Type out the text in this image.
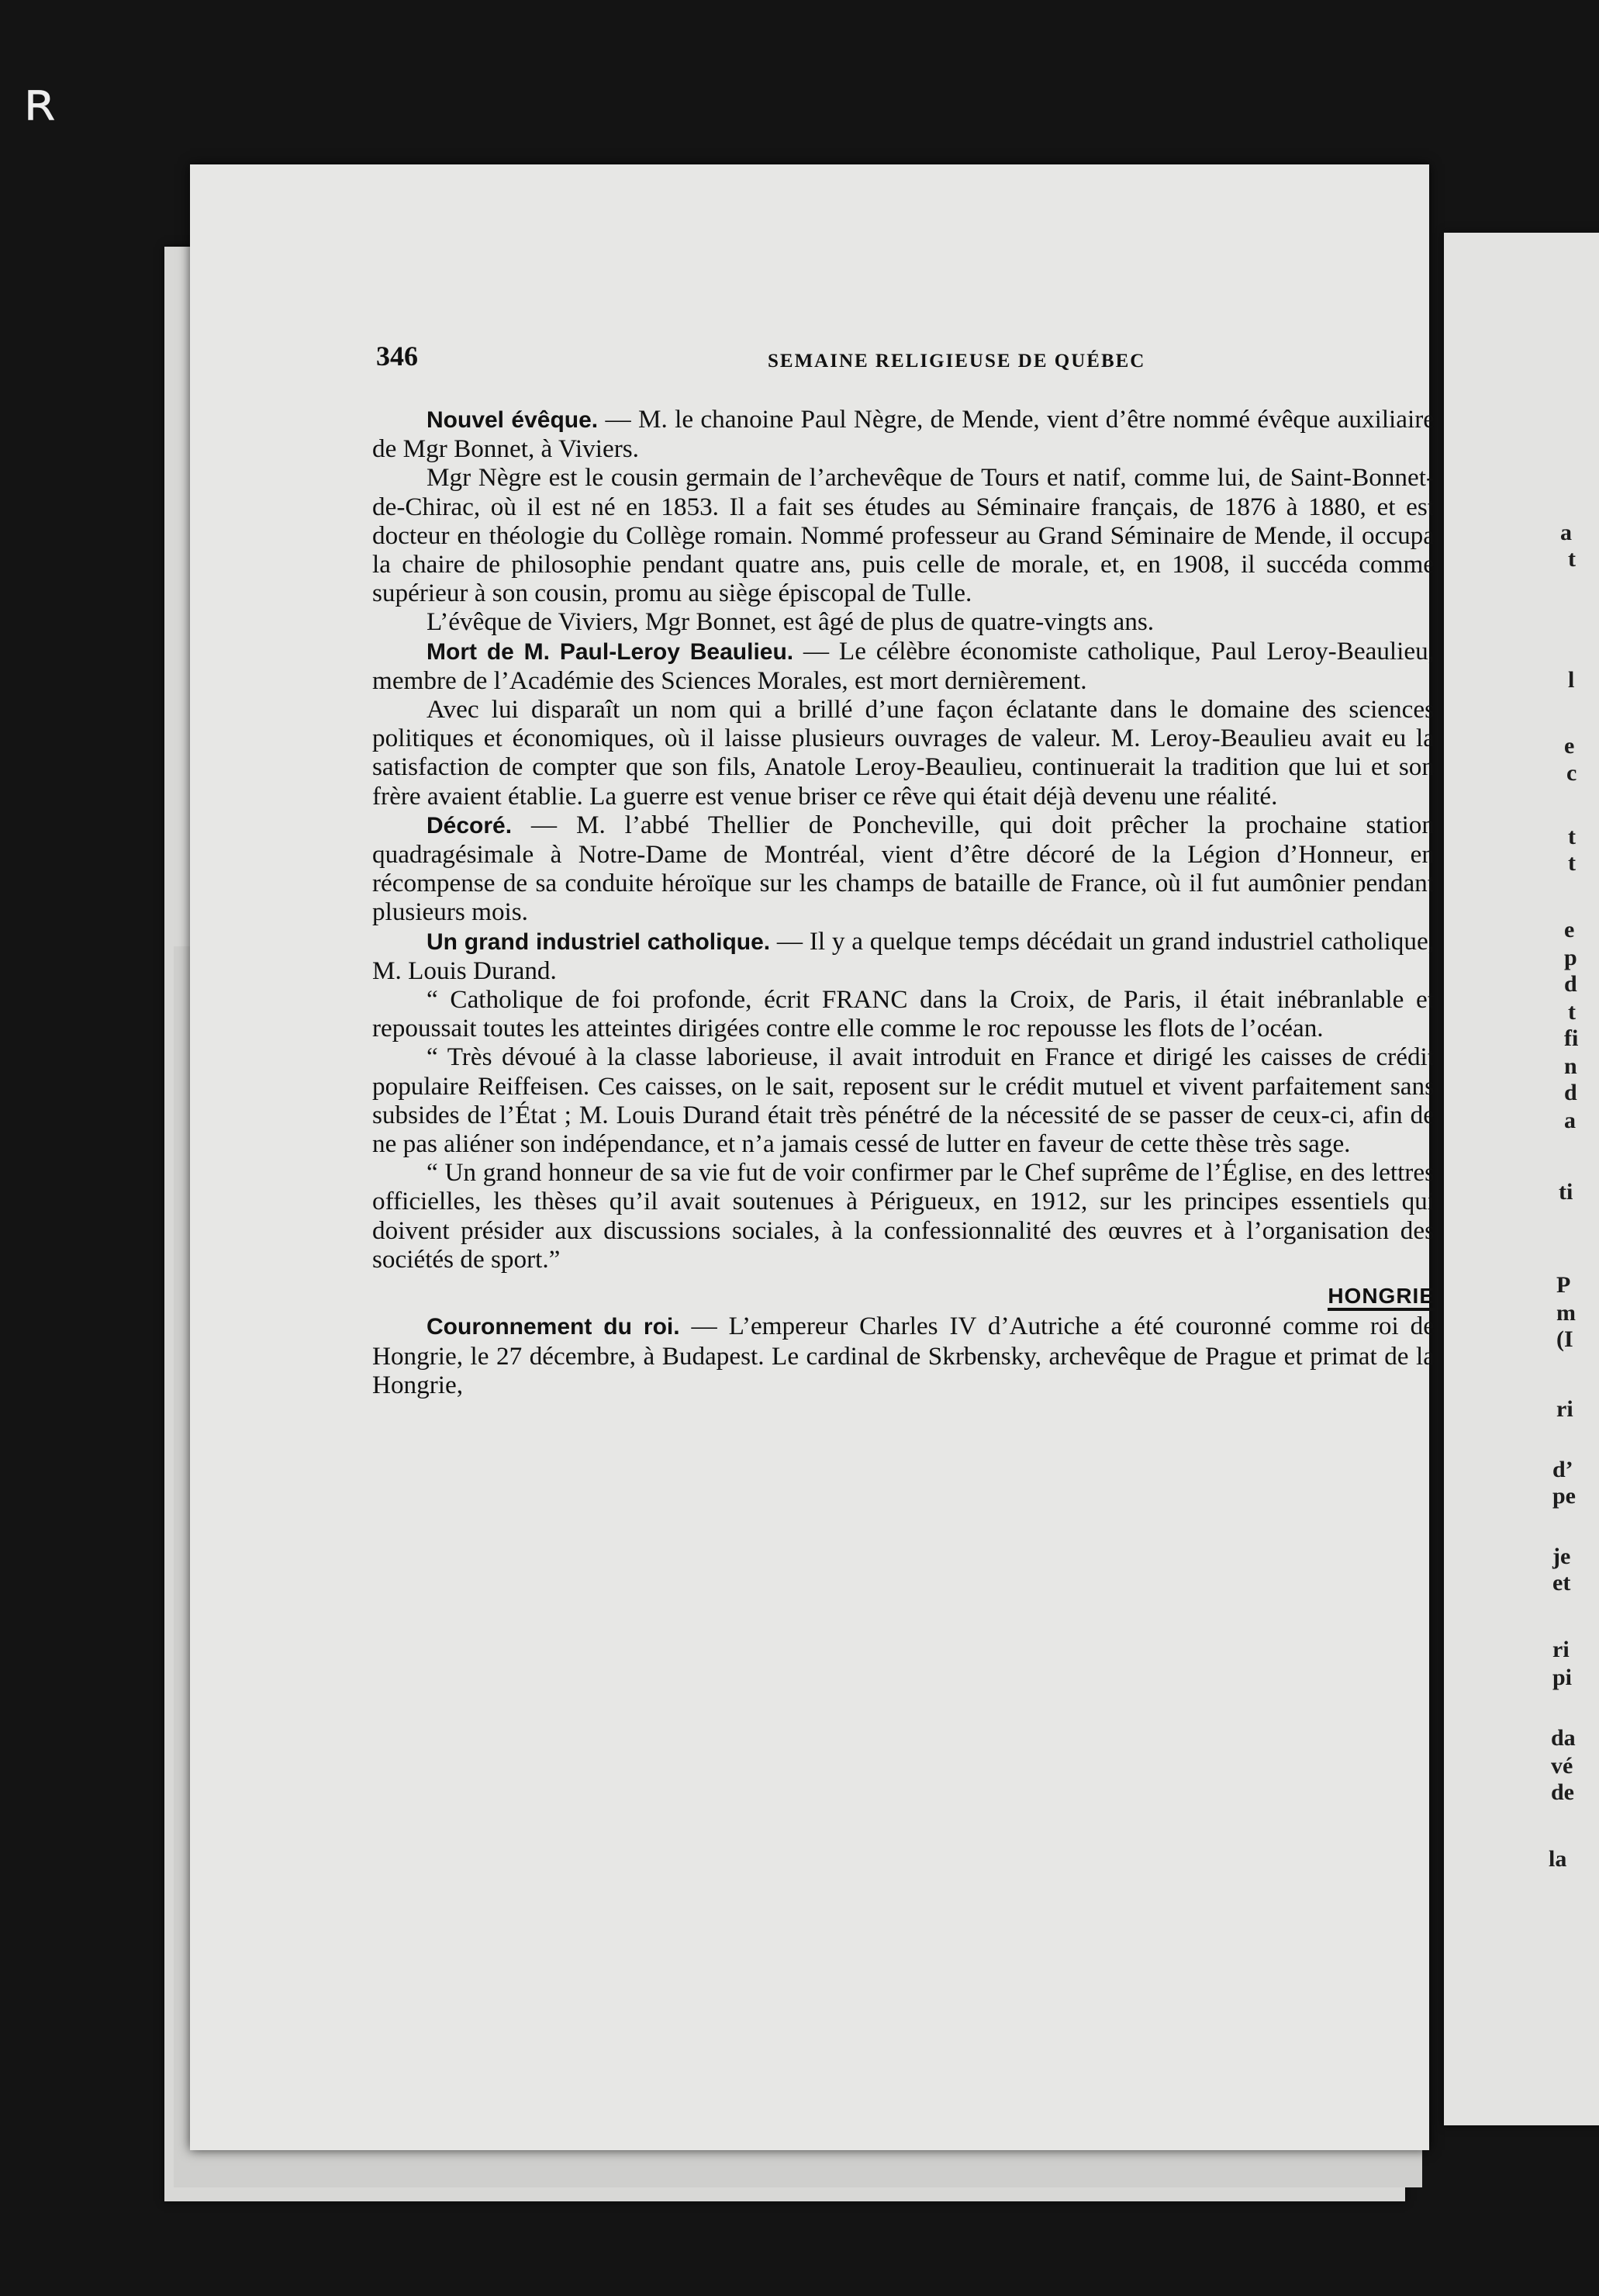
a
t
l
e
c
t
t
e
p
d
t
fi
n
d
a
ti
P
m
(I
ri
d’
pe
je
et
ri
pi
da
vé
de
la
346	SEMAINE RELIGIEUSE DE QUÉBEC

Nouvel évêque. — M. le chanoine Paul Nègre, de Mende, vient d’être nommé évêque auxiliaire de Mgr Bonnet, à Viviers.

Mgr Nègre est le cousin germain de l’archevêque de Tours et natif, comme lui, de Saint-Bonnet-de-Chirac, où il est né en 1853. Il a fait ses études au Séminaire français, de 1876 à 1880, et est docteur en théologie du Collège romain. Nommé professeur au Grand Séminaire de Mende, il occupa la chaire de philosophie pendant quatre ans, puis celle de morale, et, en 1908, il succéda comme supérieur à son cousin, promu au siège épiscopal de Tulle.

L’évêque de Viviers, Mgr Bonnet, est âgé de plus de quatre-vingts ans.

Mort de M. Paul-Leroy Beaulieu. — Le célèbre économiste catholique, Paul Leroy-Beaulieu, membre de l’Académie des Sciences Morales, est mort dernièrement.

Avec lui disparaît un nom qui a brillé d’une façon éclatante dans le domaine des sciences politiques et économiques, où il laisse plusieurs ouvrages de valeur. M. Leroy-Beaulieu avait eu la satisfaction de compter que son fils, Anatole Leroy-Beaulieu, continuerait la tradition que lui et son frère avaient établie. La guerre est venue briser ce rêve qui était déjà devenu une réalité.

Décoré. — M. l’abbé Thellier de Poncheville, qui doit prêcher la prochaine station quadragésimale à Notre-Dame de Montréal, vient d’être décoré de la Légion d’Honneur, en récompense de sa conduite héroïque sur les champs de bataille de France, où il fut aumônier pendant plusieurs mois.

Un grand industriel catholique. — Il y a quelque temps décédait un grand industriel catholique, M. Louis Durand.

“ Catholique de foi profonde, écrit FRANC dans la Croix, de Paris, il était inébranlable et repoussait toutes les atteintes dirigées contre elle comme le roc repousse les flots de l’océan.

“ Très dévoué à la classe laborieuse, il avait introduit en France et dirigé les caisses de crédit populaire Reiffeisen. Ces caisses, on le sait, reposent sur le crédit mutuel et vivent parfaitement sans subsides de l’État ; M. Louis Durand était très pénétré de la nécessité de se passer de ceux-ci, afin de ne pas aliéner son indépendance, et n’a jamais cessé de lutter en faveur de cette thèse très sage.

“ Un grand honneur de sa vie fut de voir confirmer par le Chef suprême de l’Église, en des lettres officielles, les thèses qu’il avait soutenues à Périgueux, en 1912, sur les principes essentiels qui doivent présider aux discussions sociales, à la confessionnalité des œuvres et à l’organisation des sociétés de sport.”

HONGRIE

Couronnement du roi. — L’empereur Charles IV d’Autriche a été couronné comme roi de Hongrie, le 27 décembre, à Budapest. Le cardinal de Skrbensky, archevêque de Prague et primat de la Hongrie,

ʀ
